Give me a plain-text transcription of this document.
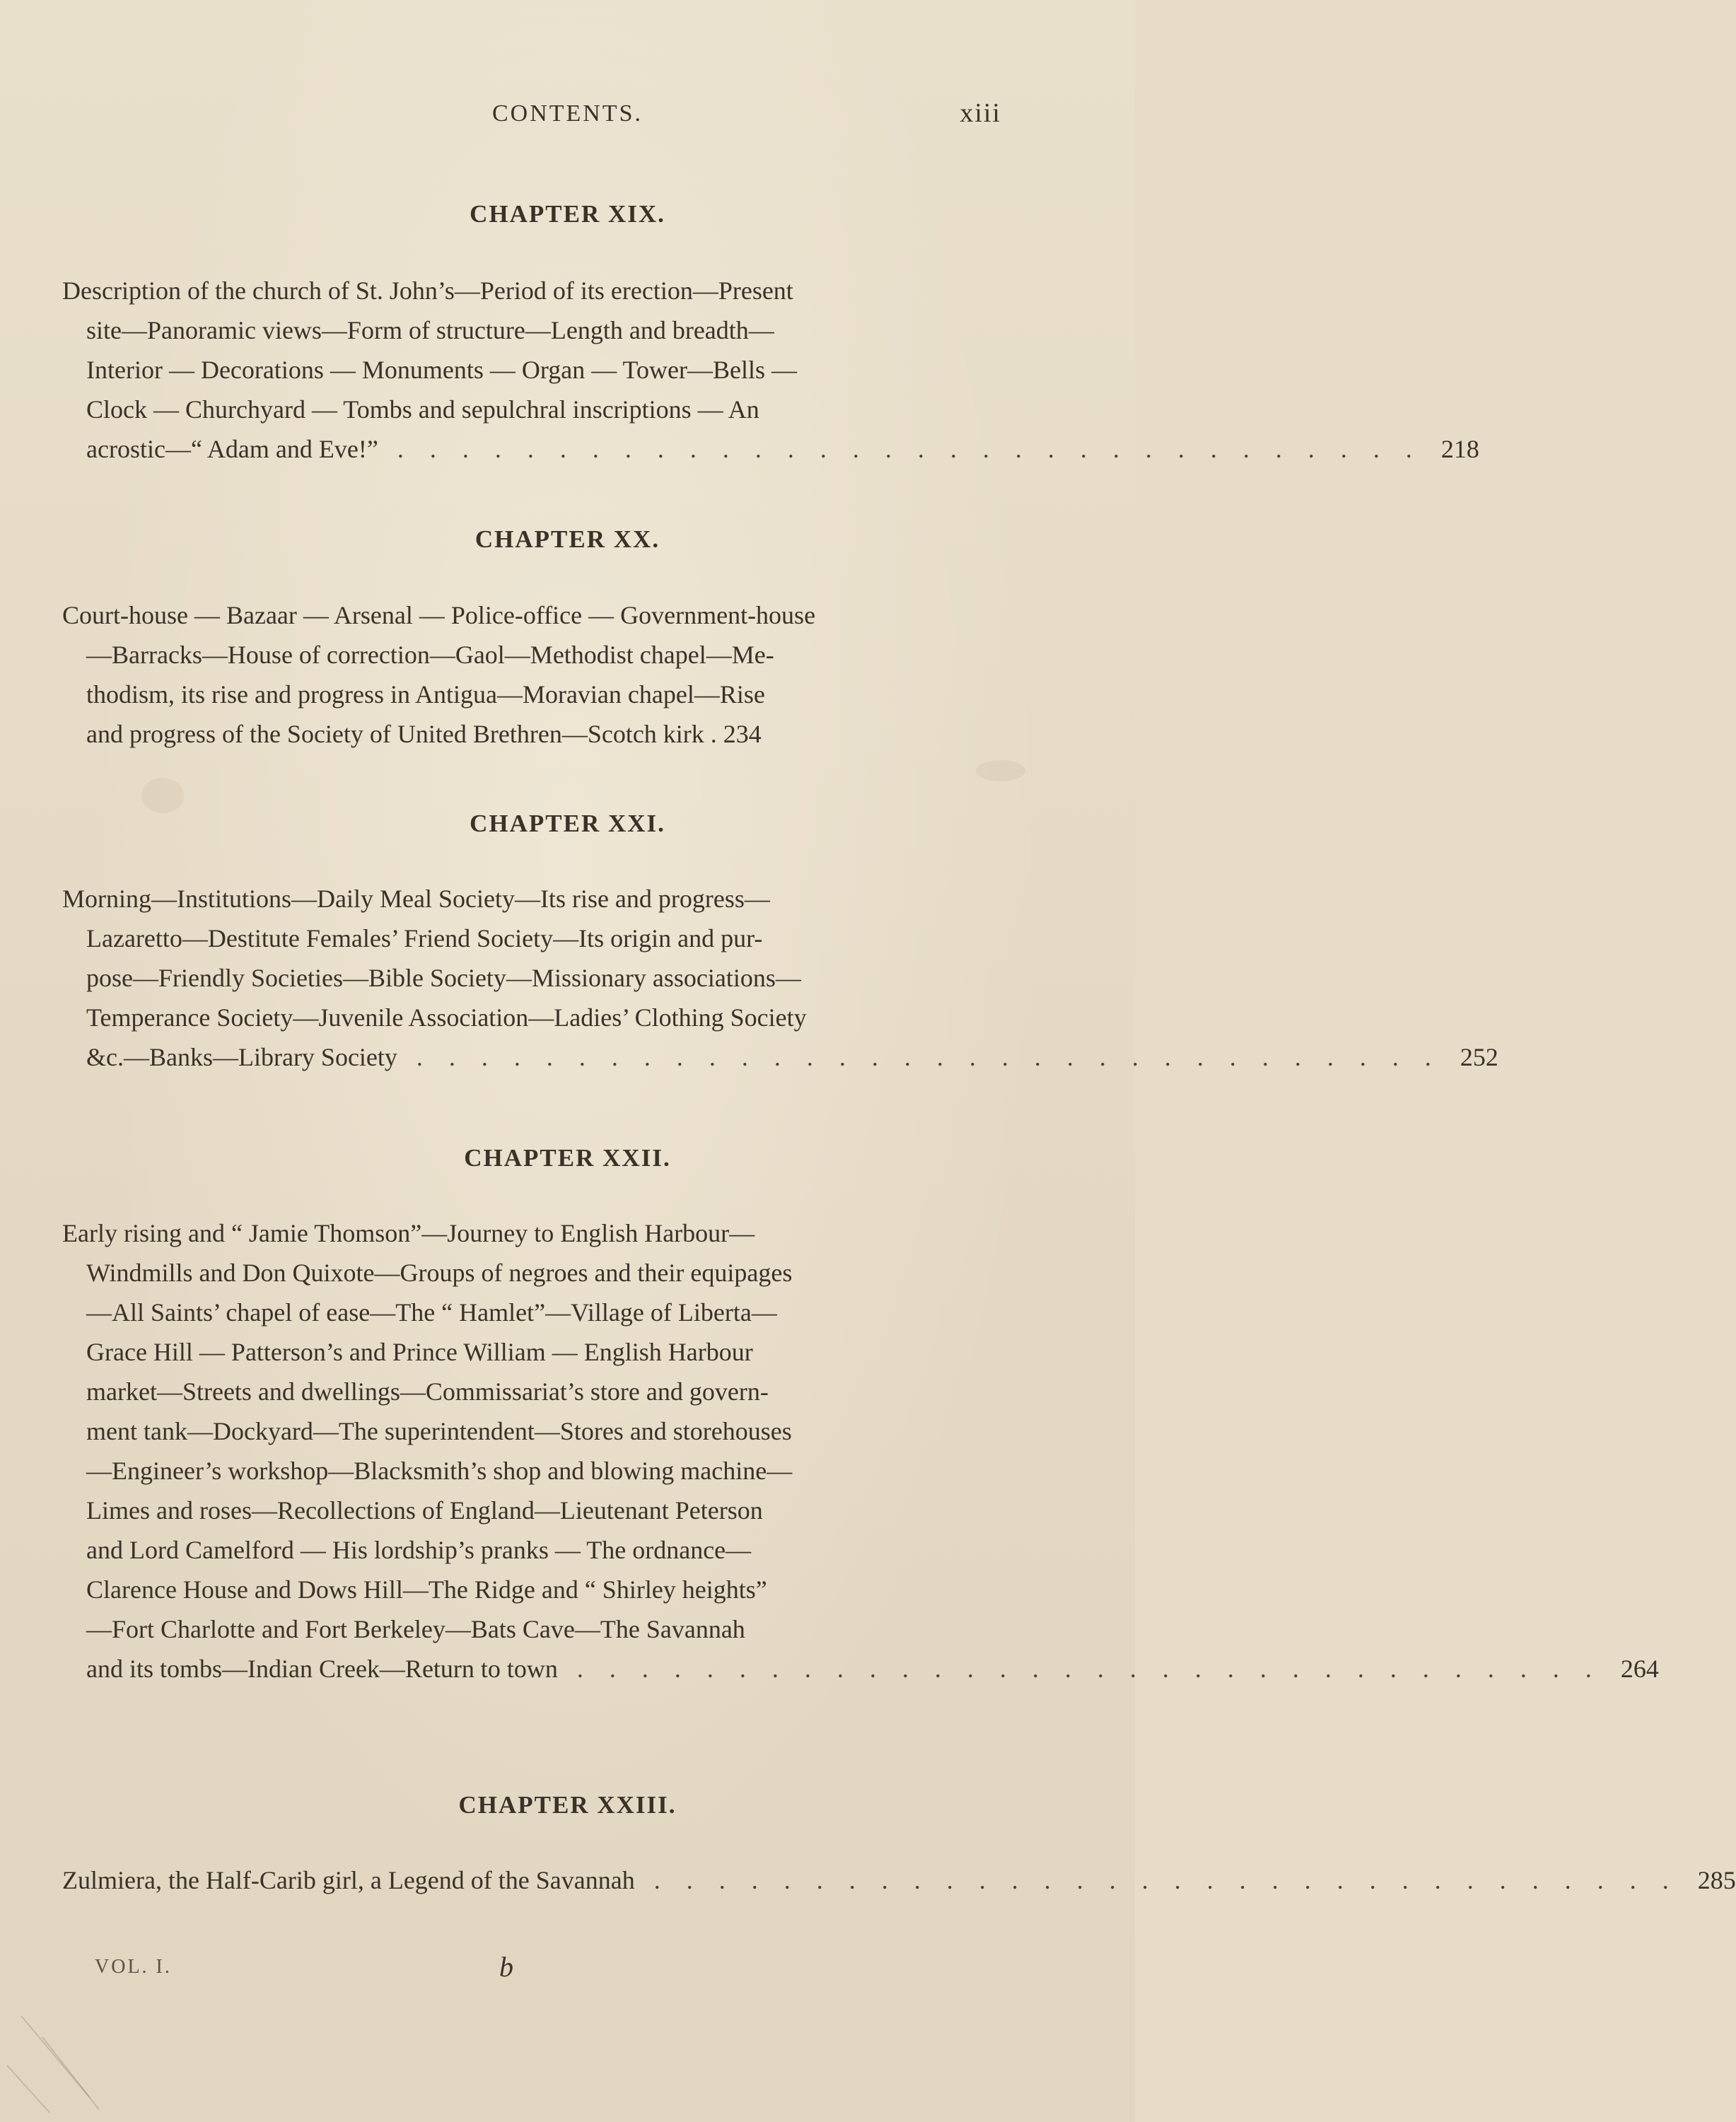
CONTENTS.	xiii
CHAPTER XIX.
Description of the church of St. John’s—Period of its erection—Present
site—Panoramic views—Form of structure—Length and breadth—
Interior — Decorations — Monuments — Organ — Tower—Bells —
Clock — Churchyard — Tombs and sepulchral inscriptions — An
acrostic—“ Adam and Eve!” . . . . . . . . . . . . . . . . . . . . . . . . . . . . . . . . 218
CHAPTER XX.
Court-house — Bazaar — Arsenal — Police-office — Government-house
—Barracks—House of correction—Gaol—Methodist chapel—Me-
thodism, its rise and progress in Antigua—Moravian chapel—Rise
and progress of the Society of United Brethren—Scotch kirk . 234
CHAPTER XXI.
Morning—Institutions—Daily Meal Society—Its rise and progress—
Lazaretto—Destitute Females’ Friend Society—Its origin and pur-
pose—Friendly Societies—Bible Society—Missionary associations—
Temperance Society—Juvenile Association—Ladies’ Clothing Society
&c.—Banks—Library Society . . . . . . . . . . . . . . . . . . . . . . . . . . . . . . . . 252
CHAPTER XXII.
Early rising and “ Jamie Thomson”—Journey to English Harbour—
Windmills and Don Quixote—Groups of negroes and their equipages
—All Saints’ chapel of ease—The “ Hamlet”—Village of Liberta—
Grace Hill — Patterson’s and Prince William — English Harbour
market—Streets and dwellings—Commissariat’s store and govern-
ment tank—Dockyard—The superintendent—Stores and storehouses
—Engineer’s workshop—Blacksmith’s shop and blowing machine—
Limes and roses—Recollections of England—Lieutenant Peterson
and Lord Camelford — His lordship’s pranks — The ordnance—
Clarence House and Dows Hill—The Ridge and “ Shirley heights”
—Fort Charlotte and Fort Berkeley—Bats Cave—The Savannah
and its tombs—Indian Creek—Return to town . . . . . . . . . . . . . . . . . . . . . . . . . . . . . . . . 264
CHAPTER XXIII.
Zulmiera, the Half-Carib girl, a Legend of the Savannah . . . . . . . . . . . . . . . . . . . . . . . . . . . . . . . . 285
VOL. I.	b
